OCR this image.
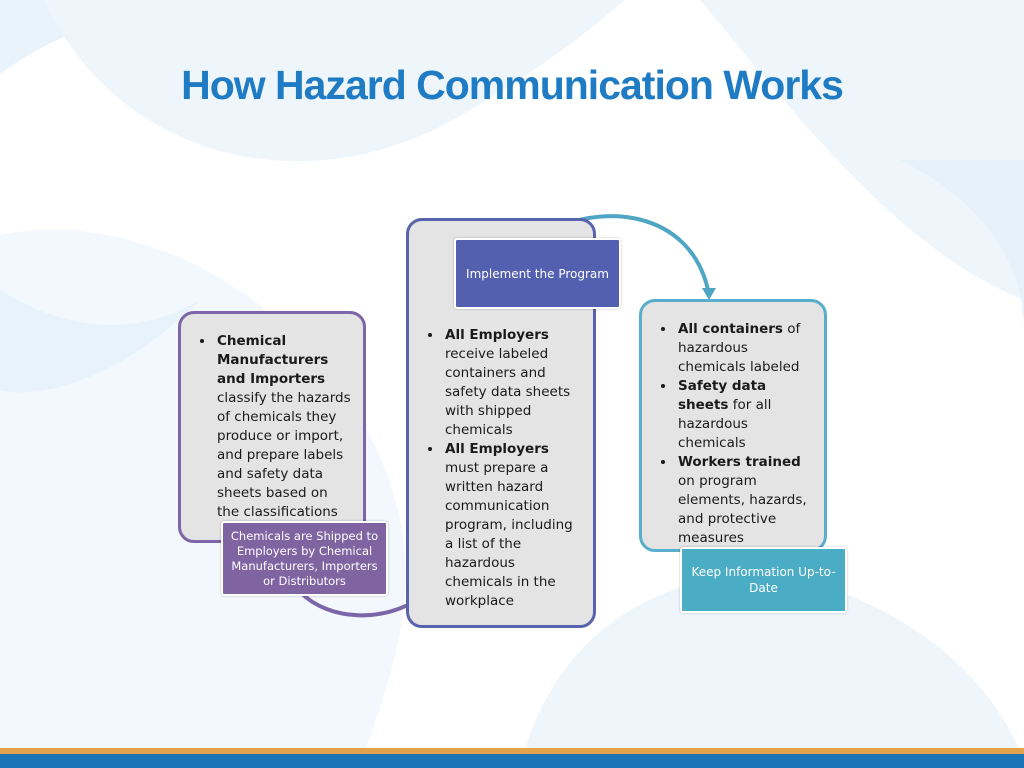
How Hazard Communication Works
• Chemical Manufacturers and Importers classify the hazards of chemicals they produce or import, and prepare labels and safety data sheets based on the classifications
• All Employers receive labeled containers and safety data sheets with shipped chemicals
• All Employers must prepare a written hazard communication program, including a list of the hazardous chemicals in the workplace
• All containers of hazardous chemicals labeled
• Safety data sheets for all hazardous chemicals
• Workers trained on program elements, hazards, and protective measures
Chemicals are Shipped to Employers by Chemical Manufacturers, Importers or Distributors
Implement the Program
Keep Information Up-to-Date
